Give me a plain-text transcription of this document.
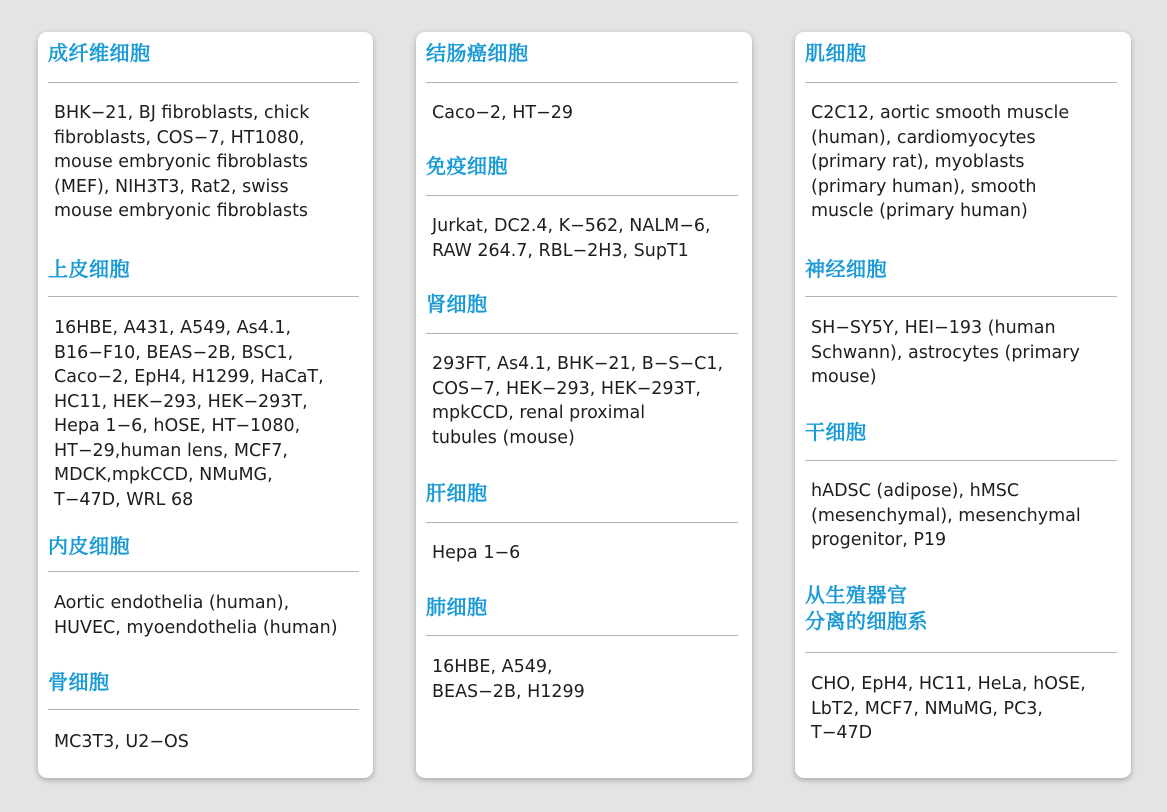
成纤维细胞
BHK−21, BJ fibroblasts, chick
fibroblasts, COS−7, HT1080,
mouse embryonic fibroblasts
(MEF), NIH3T3, Rat2, swiss
mouse embryonic fibroblasts
上皮细胞
16HBE, A431, A549, As4.1,
B16−F10, BEAS−2B, BSC1,
Caco−2, EpH4, H1299, HaCaT,
HC11, HEK−293, HEK−293T,
Hepa 1−6, hOSE, HT−1080,
HT−29,human lens, MCF7,
MDCK,mpkCCD, NMuMG,
T−47D, WRL 68
内皮细胞
Aortic endothelia (human),
HUVEC, myoendothelia (human)
骨细胞
MC3T3, U2−OS
结肠癌细胞
Caco−2, HT−29
免疫细胞
Jurkat, DC2.4, K−562, NALM−6,
RAW 264.7, RBL−2H3, SupT1
肾细胞
293FT, As4.1, BHK−21, B−S−C1,
COS−7, HEK−293, HEK−293T,
mpkCCD, renal proximal
tubules (mouse)
肝细胞
Hepa 1−6
肺细胞
16HBE, A549,
BEAS−2B, H1299
肌细胞
C2C12, aortic smooth muscle
(human), cardiomyocytes
(primary rat), myoblasts
(primary human), smooth
muscle (primary human)
神经细胞
SH−SY5Y, HEI−193 (human
Schwann), astrocytes (primary
mouse)
干细胞
hADSC (adipose), hMSC
(mesenchymal), mesenchymal
progenitor, P19
从生殖器官
分离的细胞系
CHO, EpH4, HC11, HeLa, hOSE,
LbT2, MCF7, NMuMG, PC3,
T−47D
